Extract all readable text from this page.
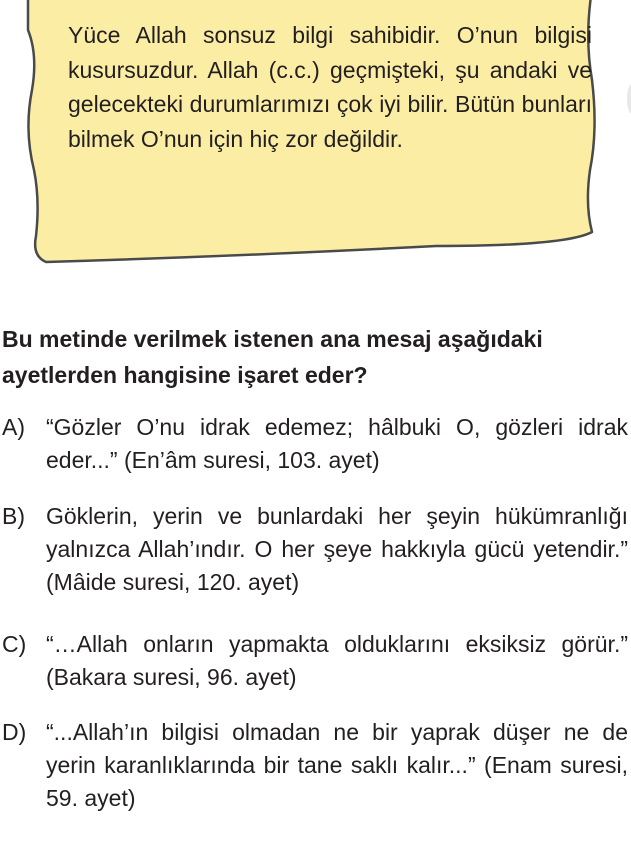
Yüce Allah sonsuz bilgi sahibidir. O’nun bilgisi kusursuzdur. Allah (c.c.) geçmişteki, şu andaki ve gelecekteki durumlarımızı çok iyi bilir. Bütün bunları bilmek O’nun için hiç zor değildir.
Bu metinde verilmek istenen ana mesaj aşağıdaki ayetlerden hangisine işaret eder?
A) “Gözler O’nu idrak edemez; hâlbuki O, gözleri idrak eder...” (En’âm suresi, 103. ayet)
B) Göklerin, yerin ve bunlardaki her şeyin hükümranlığı yalnızca Allah’ındır. O her şeye hakkıyla gücü yetendir.” (Mâide suresi, 120. ayet)
C) “…Allah onların yapmakta olduklarını eksiksiz görür.” (Bakara suresi, 96. ayet)
D) “...Allah’ın bilgisi olmadan ne bir yaprak düşer ne de yerin karanlıklarında bir tane saklı kalır...” (Enam suresi, 59. ayet)
